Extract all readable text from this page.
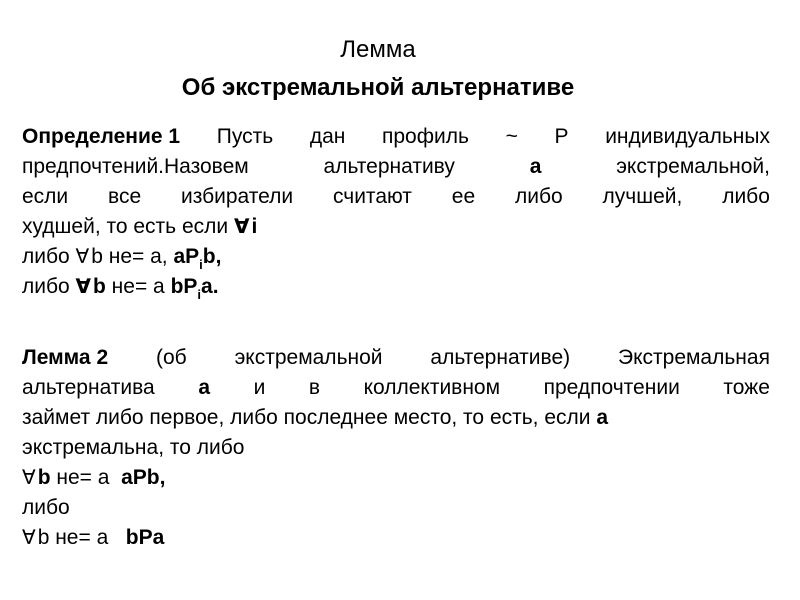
Лемма
Об экстремальной альтернативе
Определение 1 Пусть дан профиль ~ P индивидуальных
предпочтений.Назовем	альтернативу	a	экстремальной,
если все избиратели считают ее либо лучшей, либо
худшей, то есть если ∀i
либо ∀b не= a, $aP_ib$,
либо ∀b не= a $bP_ia$.
Лемма 2 (об экстремальной альтернативе) Экстремальная
альтернатива a и в коллективном предпочтении тоже
займет либо первое, либо последнее место, то есть, если a
экстремальна, то либо
∀b не= a  aPb,
либо
∀b не= a   bPa
